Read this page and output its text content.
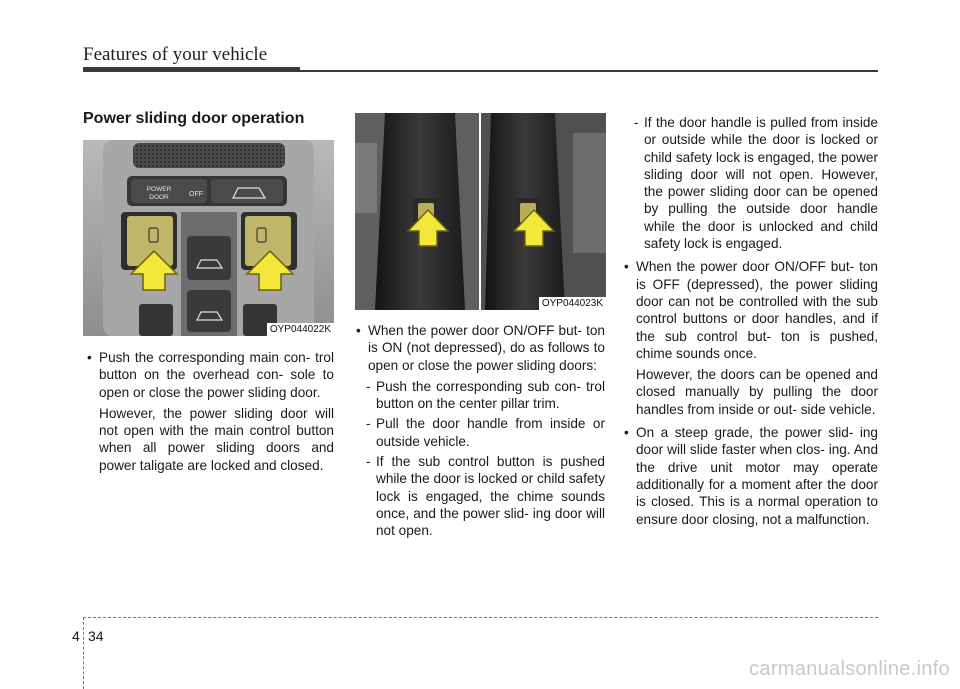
Features of your vehicle
Power sliding door operation
POWER
DOOR	OFF
OYP044022K
OYP044023K
• Push the corresponding main con- trol button on the overhead con- sole to open or close the power sliding door.
However, the power sliding door will not open with the main control button when all power sliding doors and power taligate are locked and closed.
• When the power door ON/OFF but- ton is ON (not depressed), do as follows to open or close the power sliding doors:
- Push the corresponding sub con- trol button on the center pillar trim.
- Pull the door handle from inside or outside vehicle.
- If the sub control button is pushed while the door is locked or child safety lock is engaged, the chime sounds once, and the power slid- ing door will not open.
- If the door handle is pulled from inside or outside while the door is locked or child safety lock is engaged, the power sliding door will not open. However, the power sliding door can be opened by pulling the outside door handle while the door is unlocked and child safety lock is engaged.
• When the power door ON/OFF but- ton is OFF (depressed), the power sliding door can not be controlled with the sub control buttons or door handles, and if the sub control but- ton is pushed, chime sounds once.
However, the doors can be opened and closed manually by pulling the door handles from inside or out- side vehicle.
• On a steep grade, the power slid- ing door will slide faster when clos- ing. And the drive unit motor may operate additionally for a moment after the door is closed. This is a normal operation to ensure door closing, not a malfunction.
4 34
carmanualsonline.info
